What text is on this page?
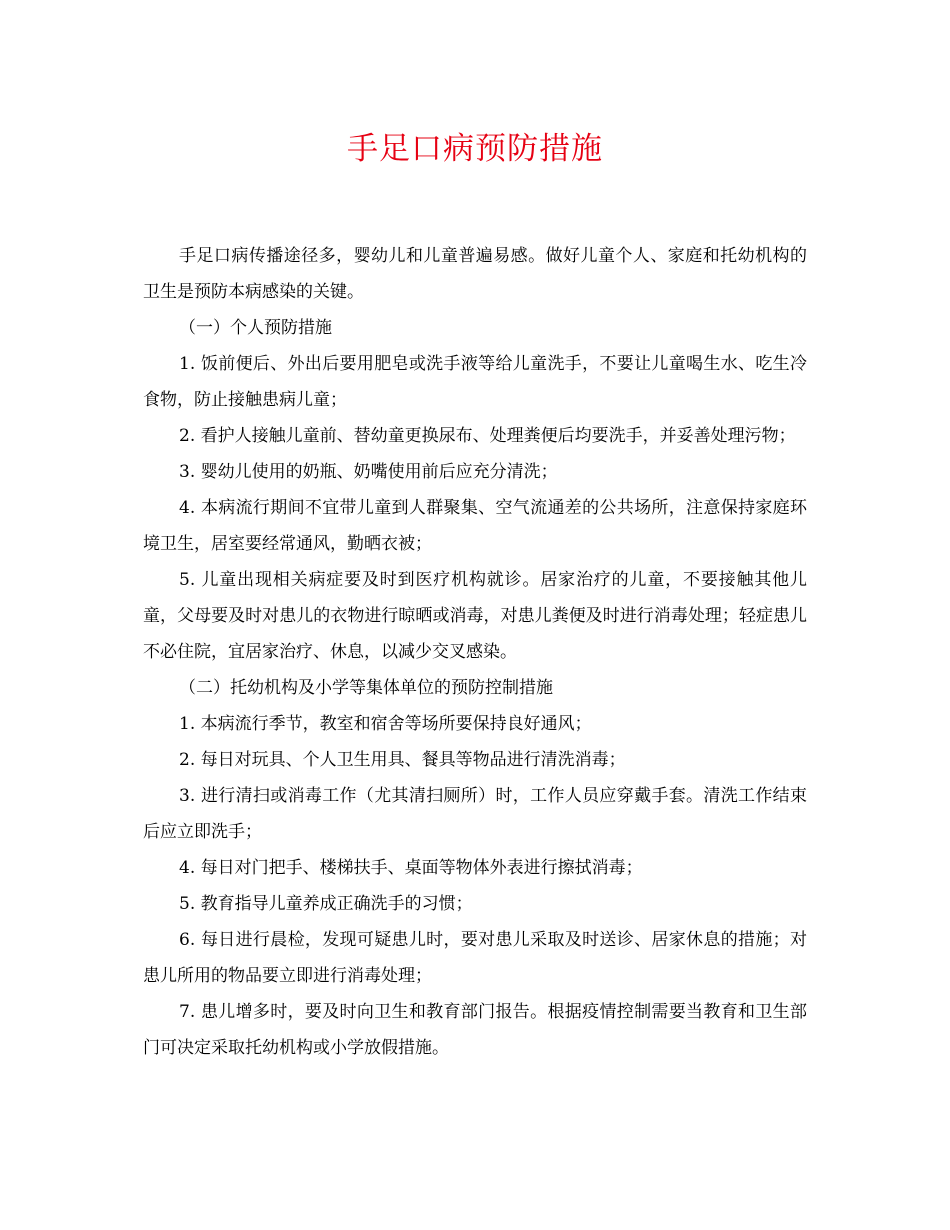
手足口病预防措施

手足口病传播途径多，婴幼儿和儿童普遍易感。做好儿童个人、家庭和托幼机构的卫生是预防本病感染的关键。

（一）个人预防措施

1. 饭前便后、外出后要用肥皂或洗手液等给儿童洗手，不要让儿童喝生水、吃生冷食物，防止接触患病儿童；

2. 看护人接触儿童前、替幼童更换尿布、处理粪便后均要洗手，并妥善处理污物；

3. 婴幼儿使用的奶瓶、奶嘴使用前后应充分清洗；

4. 本病流行期间不宜带儿童到人群聚集、空气流通差的公共场所，注意保持家庭环境卫生，居室要经常通风，勤晒衣被；

5. 儿童出现相关病症要及时到医疗机构就诊。居家治疗的儿童，不要接触其他儿童，父母要及时对患儿的衣物进行晾晒或消毒，对患儿粪便及时进行消毒处理；轻症患儿不必住院，宜居家治疗、休息，以减少交叉感染。

（二）托幼机构及小学等集体单位的预防控制措施

1. 本病流行季节，教室和宿舍等场所要保持良好通风；

2. 每日对玩具、个人卫生用具、餐具等物品进行清洗消毒；

3. 进行清扫或消毒工作（尤其清扫厕所）时，工作人员应穿戴手套。清洗工作结束后应立即洗手；

4. 每日对门把手、楼梯扶手、桌面等物体外表进行擦拭消毒；

5. 教育指导儿童养成正确洗手的习惯；

6. 每日进行晨检，发现可疑患儿时，要对患儿采取及时送诊、居家休息的措施；对患儿所用的物品要立即进行消毒处理；

7. 患儿增多时，要及时向卫生和教育部门报告。根据疫情控制需要当教育和卫生部门可决定采取托幼机构或小学放假措施。
